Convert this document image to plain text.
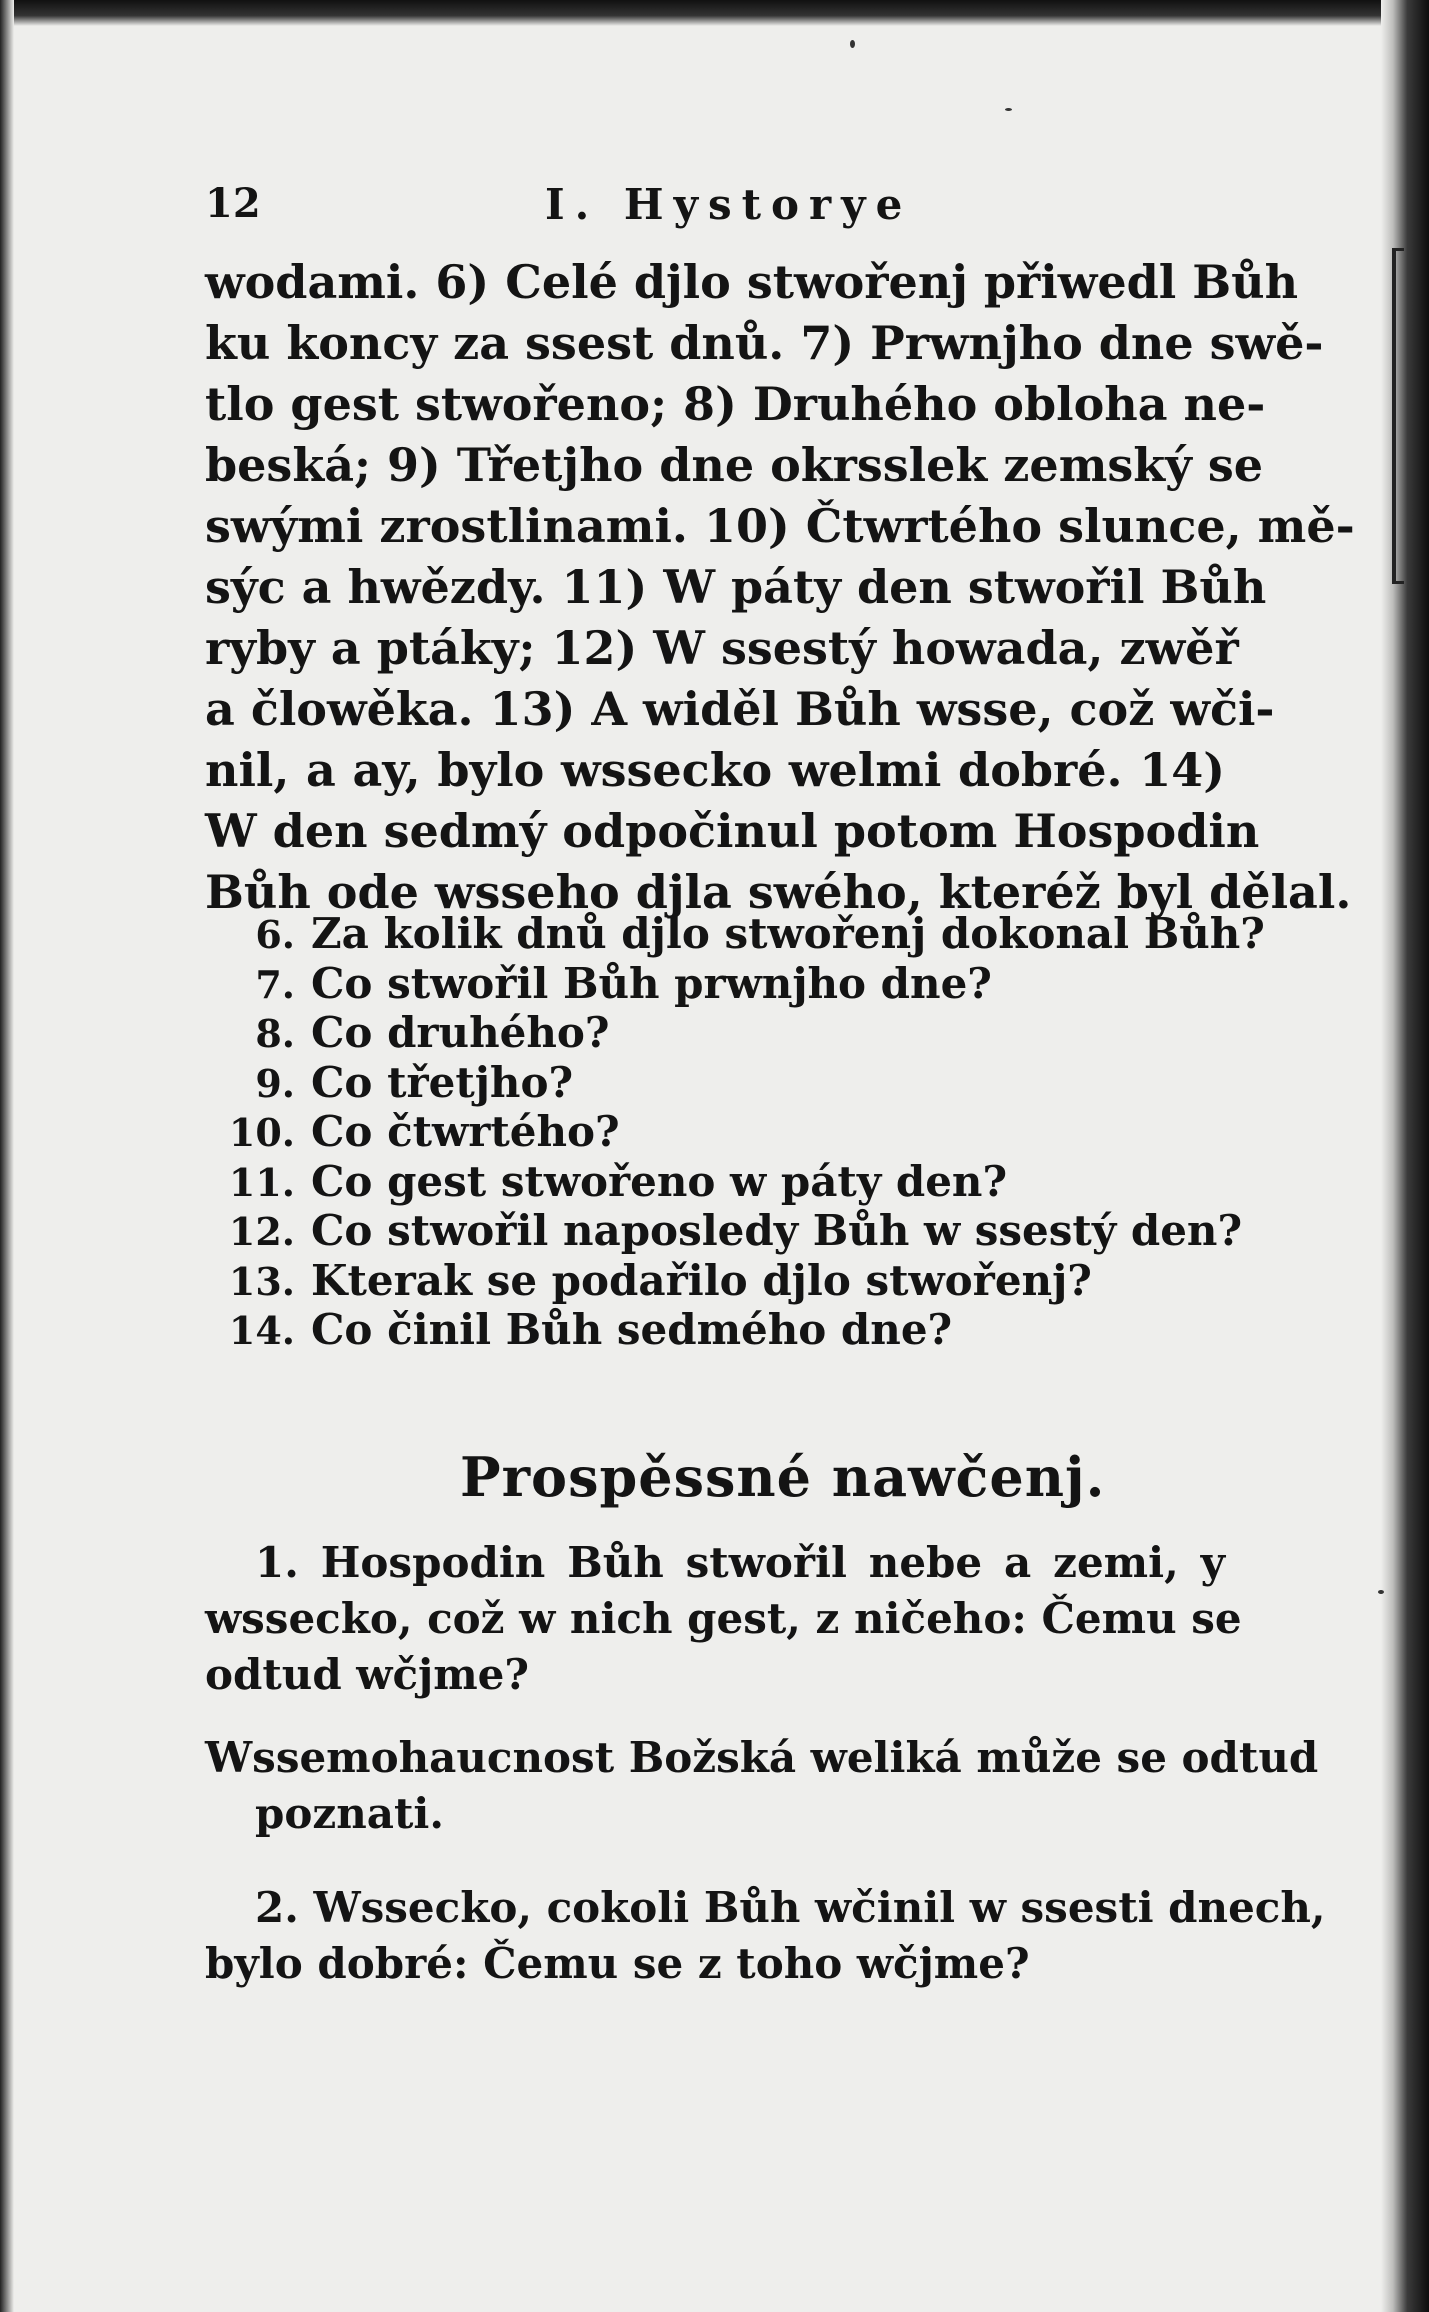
12	I. Hystorye
wodami. 6) Celé djlo stwořenj přiwedl Bůh
ku koncy za ssest dnů. 7) Prwnjho dne swě-
tlo gest stwořeno; 8) Druhého obloha ne-
beská; 9) Třetjho dne okrsslek zemský se
swými zrostlinami. 10) Čtwrtého slunce, mě-
sýc a hwězdy. 11) W páty den stwořil Bůh
ryby a ptáky; 12) W ssestý howada, zwěř
a člowěka. 13) A widěl Bůh wsse, což wči-
nil, a ay, bylo wssecko welmi dobré. 14)
W den sedmý odpočinul potom Hospodin
Bůh ode wsseho djla swého, kteréž byl dělal.
6. Za kolik dnů djlo stwořenj dokonal Bůh?
7. Co stwořil Bůh prwnjho dne?
8. Co druhého?
9. Co třetjho?
10. Co čtwrtého?
11. Co gest stwořeno w páty den?
12. Co stwořil naposledy Bůh w ssestý den?
13. Kterak se podařilo djlo stwořenj?
14. Co činil Bůh sedmého dne?
Prospěssné nawčenj.
1. Hospodin Bůh stwořil nebe a zemi, y
wssecko, což w nich gest, z ničeho: Čemu se
odtud wčjme?
Wssemohaucnost Božská weliká může se odtud
poznati.
2. Wssecko, cokoli Bůh wčinil w ssesti dnech,
bylo dobré: Čemu se z toho wčjme?
